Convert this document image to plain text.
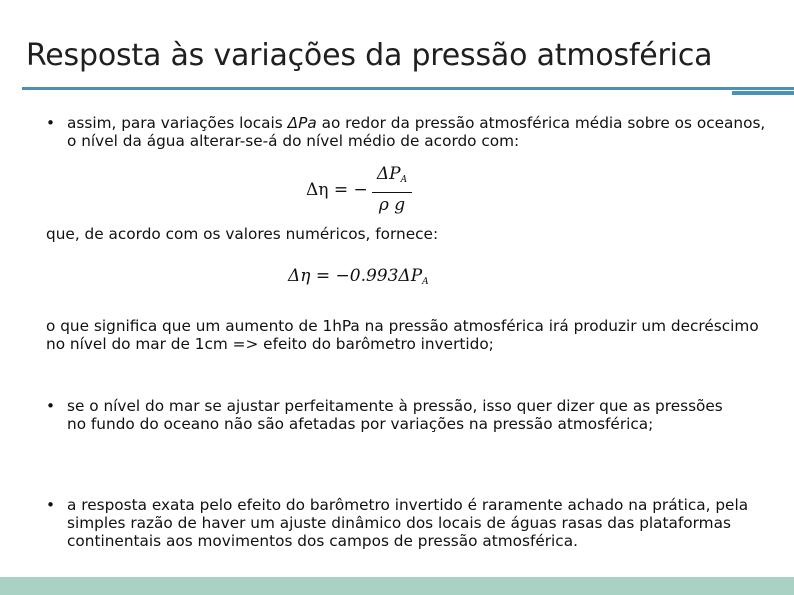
Resposta às variações da pressão atmosférica
• assim, para variações locais ΔPa ao redor da pressão atmosférica média sobre os oceanos, o nível da água alterar-se-á do nível médio de acordo com:
Δη = −
$\Delta P_A$
ρ g
que, de acordo com os valores numéricos, fornece:
$\Delta\eta = -0.993\Delta P_A$
o que significa que um aumento de 1hPa na pressão atmosférica irá produzir um decréscimo no nível do mar de 1cm => efeito do barômetro invertido;
• se o nível do mar se ajustar perfeitamente à pressão, isso quer dizer que as pressões no fundo do oceano não são afetadas por variações na pressão atmosférica;
• a resposta exata pelo efeito do barômetro invertido é raramente achado na prática, pela simples razão de haver um ajuste dinâmico dos locais de águas rasas das plataformas continentais aos movimentos dos campos de pressão atmosférica.
